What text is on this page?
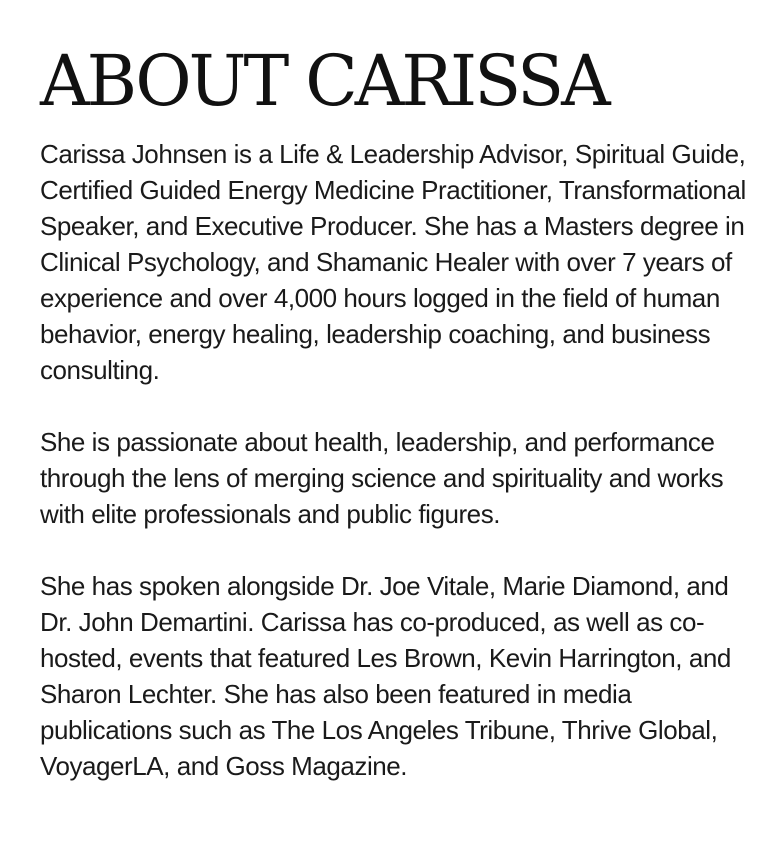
ABOUT CARISSA

Carissa Johnsen is a Life & Leadership Advisor, Spiritual Guide, Certified Guided Energy Medicine Practitioner, Transformational Speaker, and Executive Producer. She has a Masters degree in Clinical Psychology, and Shamanic Healer with over 7 years of experience and over 4,000 hours logged in the field of human behavior, energy healing, leadership coaching, and business consulting.

She is passionate about health, leadership, and performance through the lens of merging science and spirituality and works with elite professionals and public figures.

She has spoken alongside Dr. Joe Vitale, Marie Diamond, and Dr. John Demartini. Carissa has co-produced, as well as co-hosted, events that featured Les Brown, Kevin Harrington, and Sharon Lechter. She has also been featured in media publications such as The Los Angeles Tribune, Thrive Global, VoyagerLA, and Goss Magazine.
